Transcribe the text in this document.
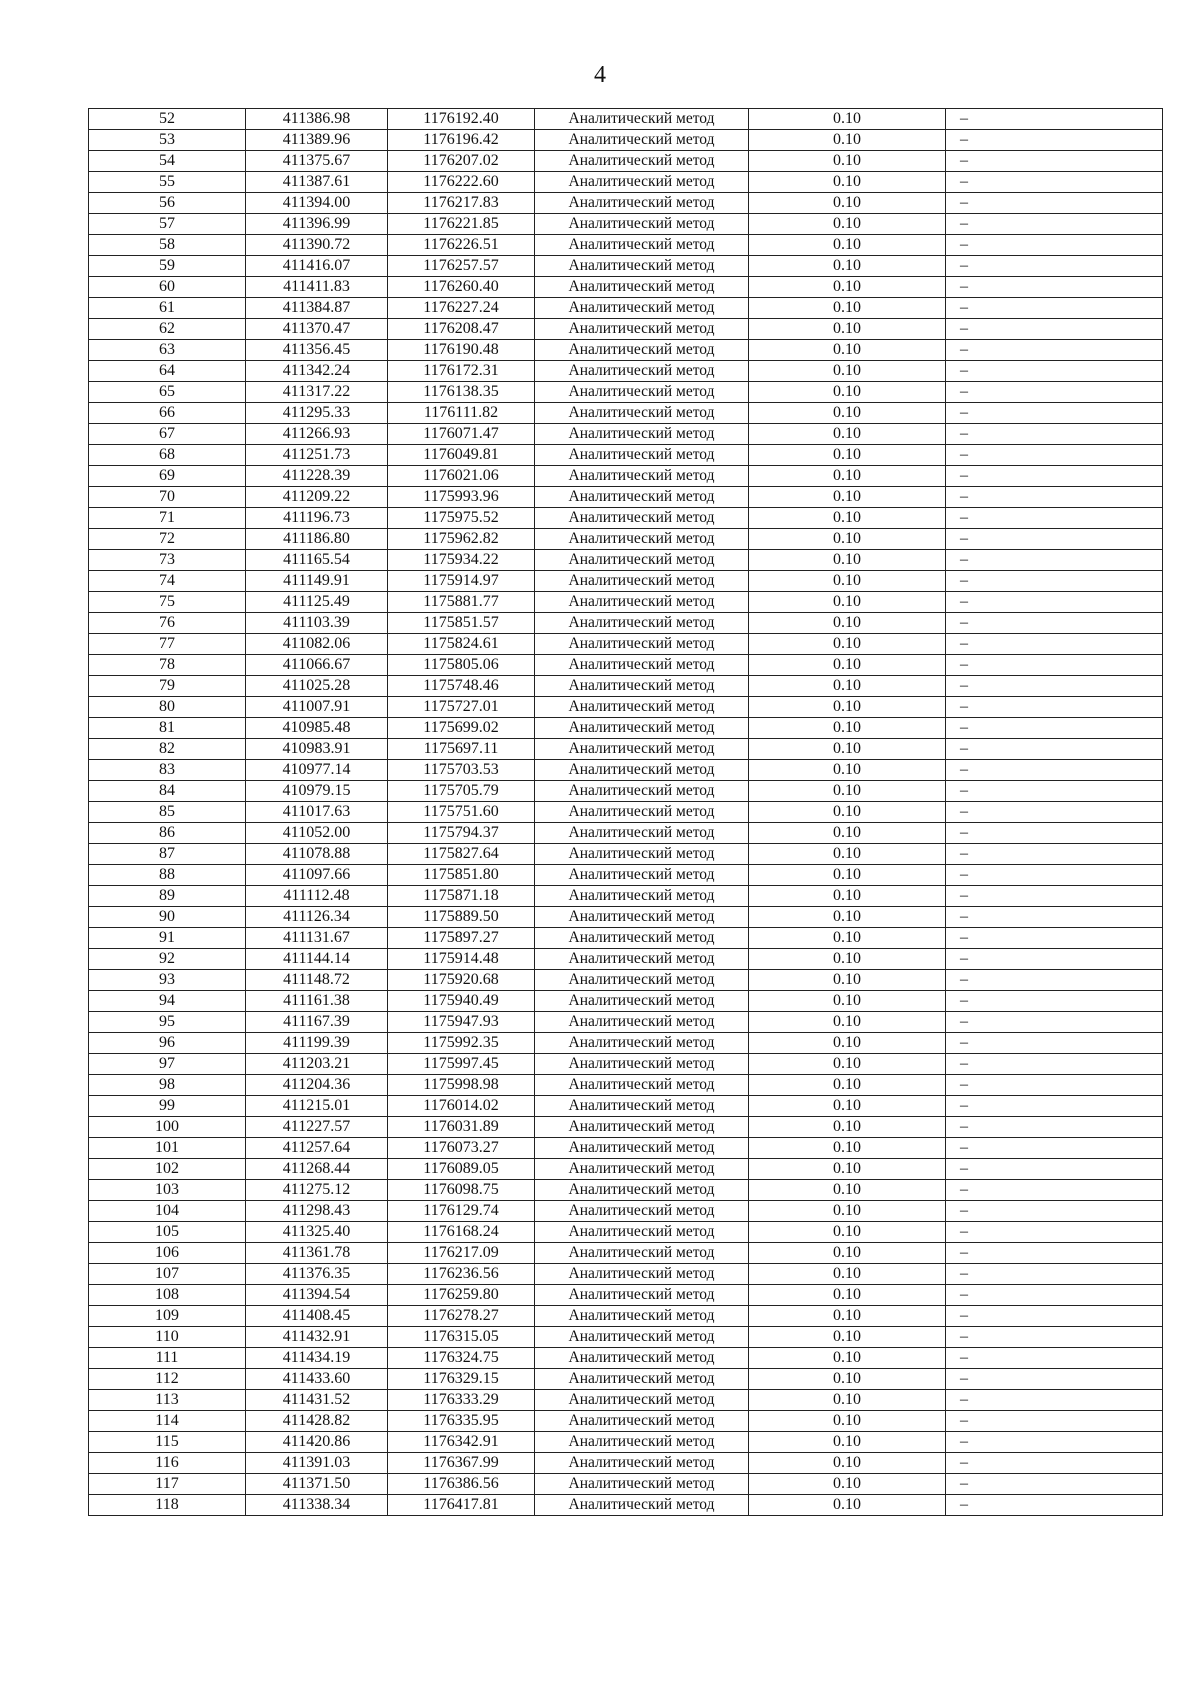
4
52	411386.98	1176192.40	Аналитический метод	0.10	–
53	411389.96	1176196.42	Аналитический метод	0.10	–
54	411375.67	1176207.02	Аналитический метод	0.10	–
55	411387.61	1176222.60	Аналитический метод	0.10	–
56	411394.00	1176217.83	Аналитический метод	0.10	–
57	411396.99	1176221.85	Аналитический метод	0.10	–
58	411390.72	1176226.51	Аналитический метод	0.10	–
59	411416.07	1176257.57	Аналитический метод	0.10	–
60	411411.83	1176260.40	Аналитический метод	0.10	–
61	411384.87	1176227.24	Аналитический метод	0.10	–
62	411370.47	1176208.47	Аналитический метод	0.10	–
63	411356.45	1176190.48	Аналитический метод	0.10	–
64	411342.24	1176172.31	Аналитический метод	0.10	–
65	411317.22	1176138.35	Аналитический метод	0.10	–
66	411295.33	1176111.82	Аналитический метод	0.10	–
67	411266.93	1176071.47	Аналитический метод	0.10	–
68	411251.73	1176049.81	Аналитический метод	0.10	–
69	411228.39	1176021.06	Аналитический метод	0.10	–
70	411209.22	1175993.96	Аналитический метод	0.10	–
71	411196.73	1175975.52	Аналитический метод	0.10	–
72	411186.80	1175962.82	Аналитический метод	0.10	–
73	411165.54	1175934.22	Аналитический метод	0.10	–
74	411149.91	1175914.97	Аналитический метод	0.10	–
75	411125.49	1175881.77	Аналитический метод	0.10	–
76	411103.39	1175851.57	Аналитический метод	0.10	–
77	411082.06	1175824.61	Аналитический метод	0.10	–
78	411066.67	1175805.06	Аналитический метод	0.10	–
79	411025.28	1175748.46	Аналитический метод	0.10	–
80	411007.91	1175727.01	Аналитический метод	0.10	–
81	410985.48	1175699.02	Аналитический метод	0.10	–
82	410983.91	1175697.11	Аналитический метод	0.10	–
83	410977.14	1175703.53	Аналитический метод	0.10	–
84	410979.15	1175705.79	Аналитический метод	0.10	–
85	411017.63	1175751.60	Аналитический метод	0.10	–
86	411052.00	1175794.37	Аналитический метод	0.10	–
87	411078.88	1175827.64	Аналитический метод	0.10	–
88	411097.66	1175851.80	Аналитический метод	0.10	–
89	411112.48	1175871.18	Аналитический метод	0.10	–
90	411126.34	1175889.50	Аналитический метод	0.10	–
91	411131.67	1175897.27	Аналитический метод	0.10	–
92	411144.14	1175914.48	Аналитический метод	0.10	–
93	411148.72	1175920.68	Аналитический метод	0.10	–
94	411161.38	1175940.49	Аналитический метод	0.10	–
95	411167.39	1175947.93	Аналитический метод	0.10	–
96	411199.39	1175992.35	Аналитический метод	0.10	–
97	411203.21	1175997.45	Аналитический метод	0.10	–
98	411204.36	1175998.98	Аналитический метод	0.10	–
99	411215.01	1176014.02	Аналитический метод	0.10	–
100	411227.57	1176031.89	Аналитический метод	0.10	–
101	411257.64	1176073.27	Аналитический метод	0.10	–
102	411268.44	1176089.05	Аналитический метод	0.10	–
103	411275.12	1176098.75	Аналитический метод	0.10	–
104	411298.43	1176129.74	Аналитический метод	0.10	–
105	411325.40	1176168.24	Аналитический метод	0.10	–
106	411361.78	1176217.09	Аналитический метод	0.10	–
107	411376.35	1176236.56	Аналитический метод	0.10	–
108	411394.54	1176259.80	Аналитический метод	0.10	–
109	411408.45	1176278.27	Аналитический метод	0.10	–
110	411432.91	1176315.05	Аналитический метод	0.10	–
111	411434.19	1176324.75	Аналитический метод	0.10	–
112	411433.60	1176329.15	Аналитический метод	0.10	–
113	411431.52	1176333.29	Аналитический метод	0.10	–
114	411428.82	1176335.95	Аналитический метод	0.10	–
115	411420.86	1176342.91	Аналитический метод	0.10	–
116	411391.03	1176367.99	Аналитический метод	0.10	–
117	411371.50	1176386.56	Аналитический метод	0.10	–
118	411338.34	1176417.81	Аналитический метод	0.10	–
